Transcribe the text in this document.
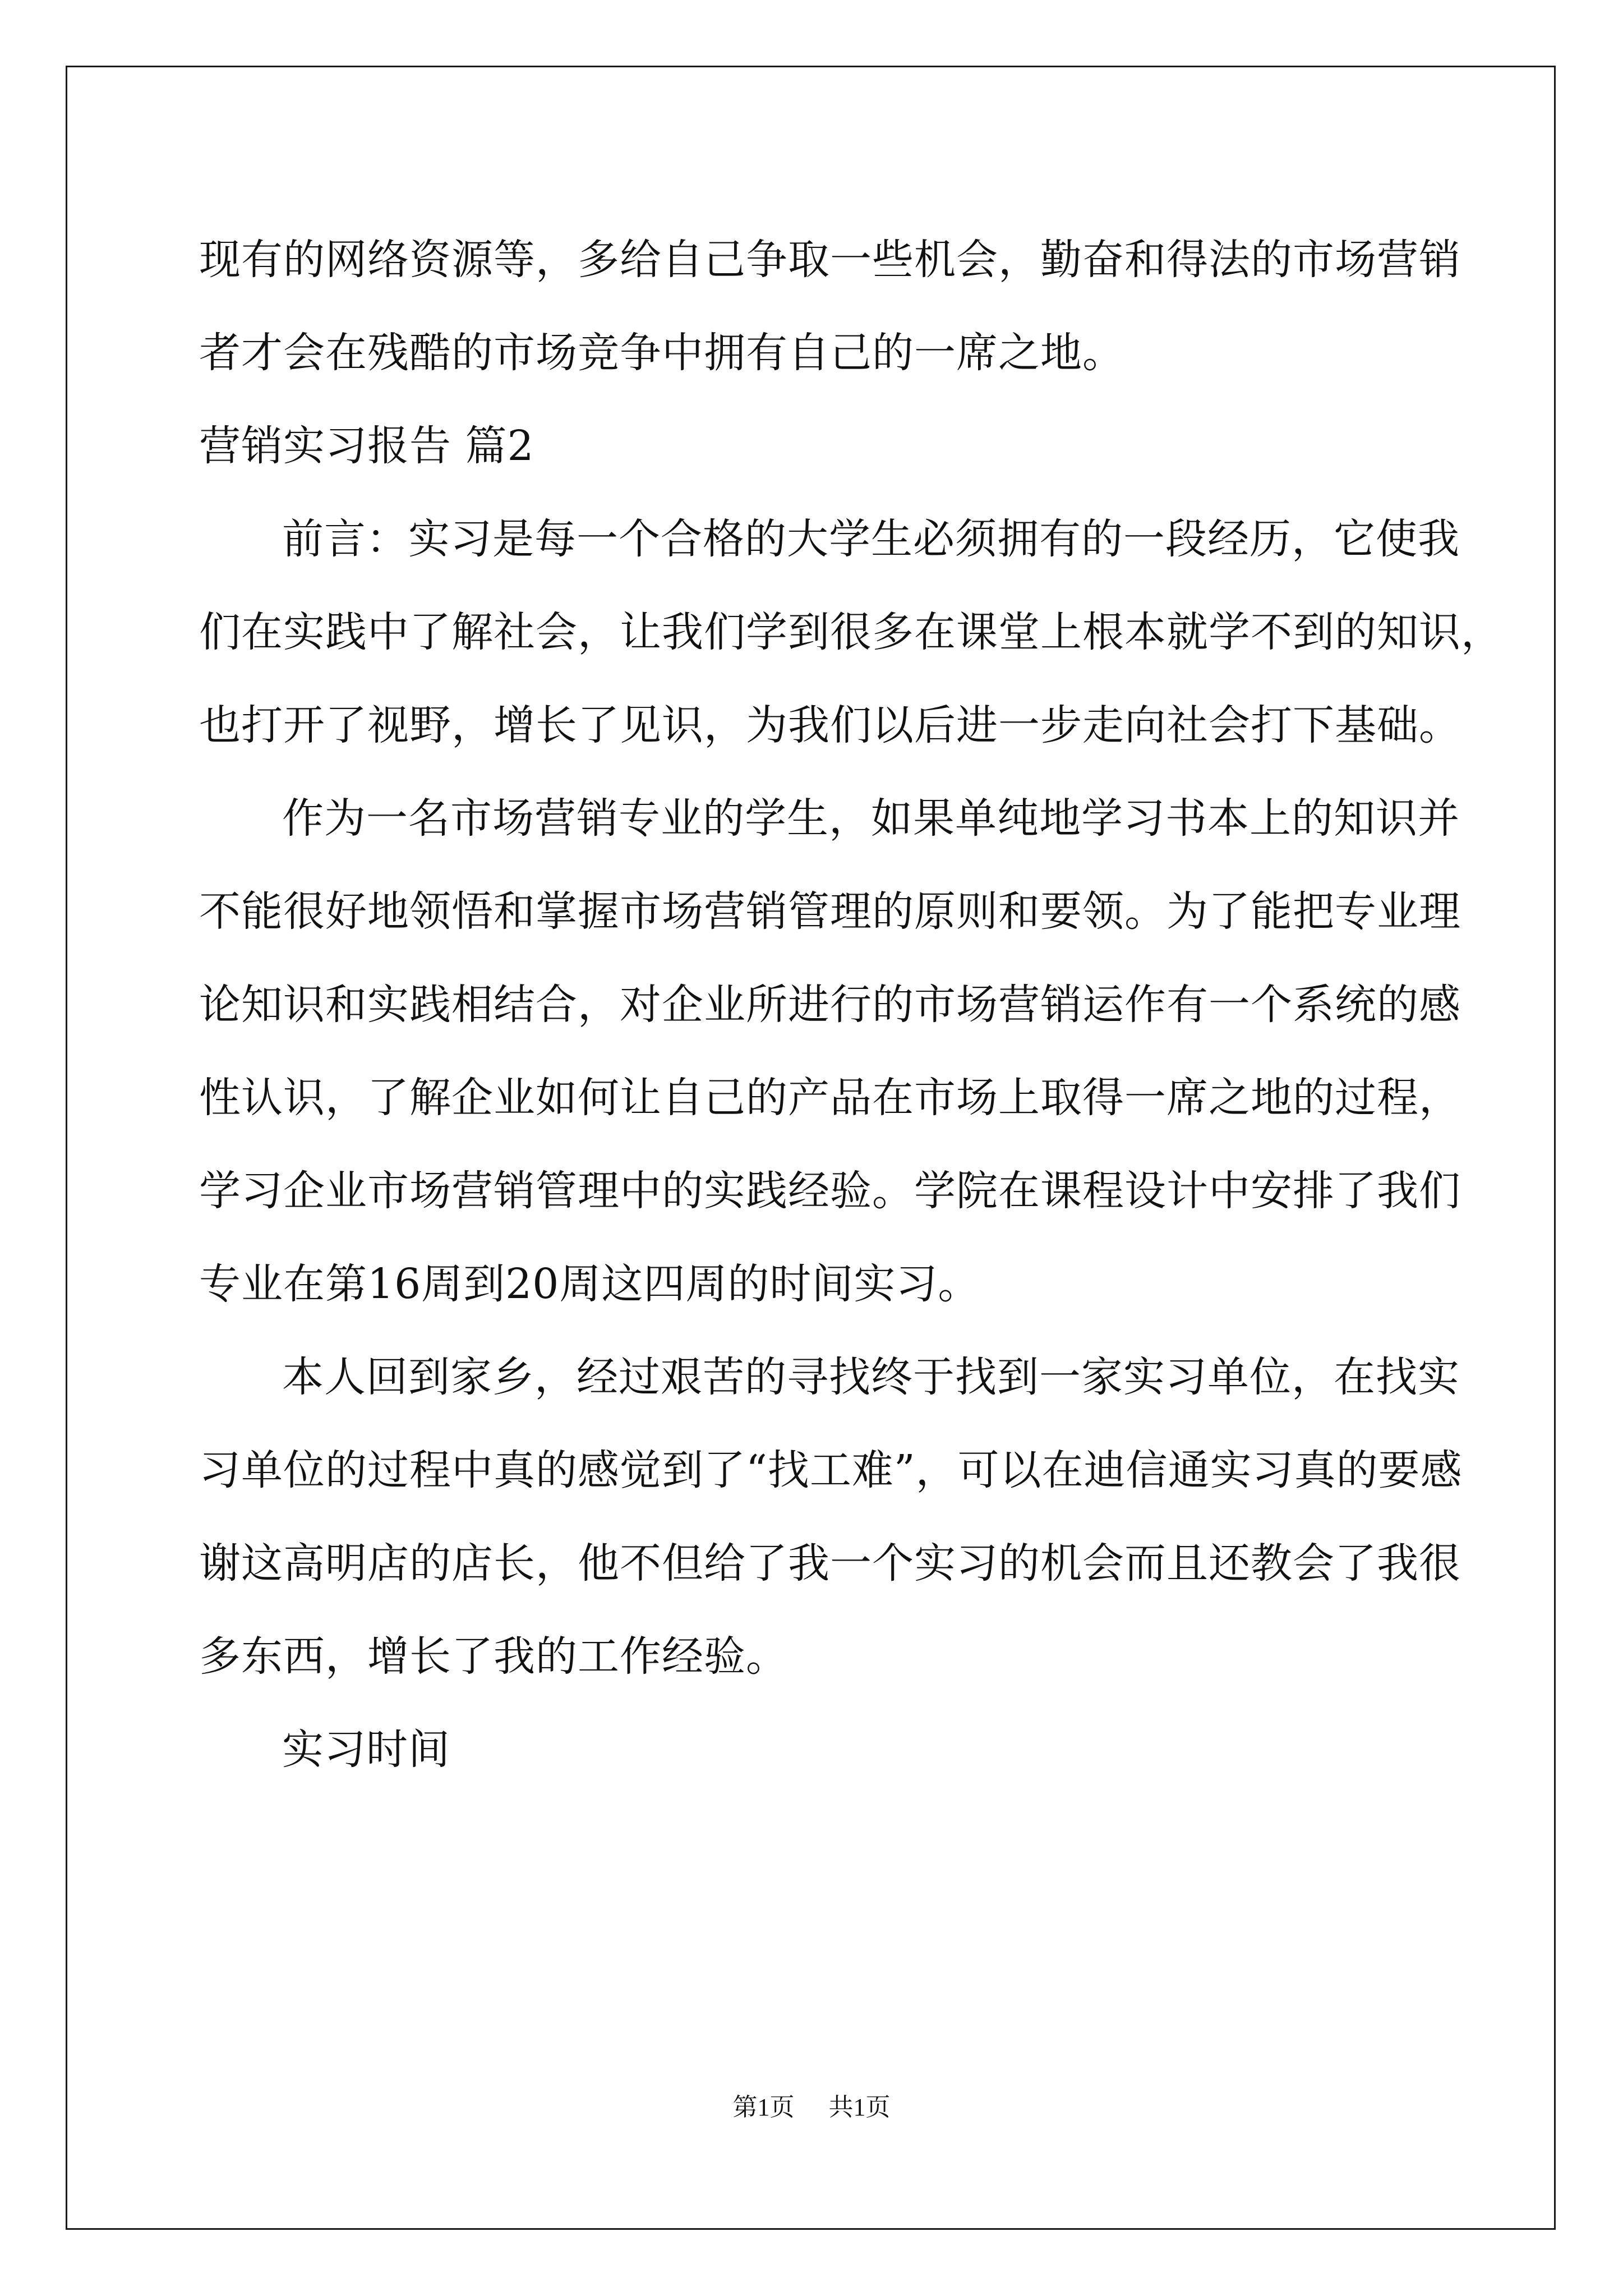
现有的网络资源等，多给自己争取一些机会，勤奋和得法的市场营销
者才会在残酷的市场竞争中拥有自己的一席之地。
营销实习报告 篇2
前言：实习是每一个合格的大学生必须拥有的一段经历，它使我
们在实践中了解社会，让我们学到很多在课堂上根本就学不到的知识，
也打开了视野，增长了见识，为我们以后进一步走向社会打下基础。
作为一名市场营销专业的学生，如果单纯地学习书本上的知识并
不能很好地领悟和掌握市场营销管理的原则和要领。为了能把专业理
论知识和实践相结合，对企业所进行的市场营销运作有一个系统的感
性认识，了解企业如何让自己的产品在市场上取得一席之地的过程，
学习企业市场营销管理中的实践经验。学院在课程设计中安排了我们
专业在第16周到20周这四周的时间实习。
本人回到家乡，经过艰苦的寻找终于找到一家实习单位，在找实
习单位的过程中真的感觉到了“找工难”，可以在迪信通实习真的要感
谢这高明店的店长，他不但给了我一个实习的机会而且还教会了我很
多东西，增长了我的工作经验。
实习时间
第1页 共1页
